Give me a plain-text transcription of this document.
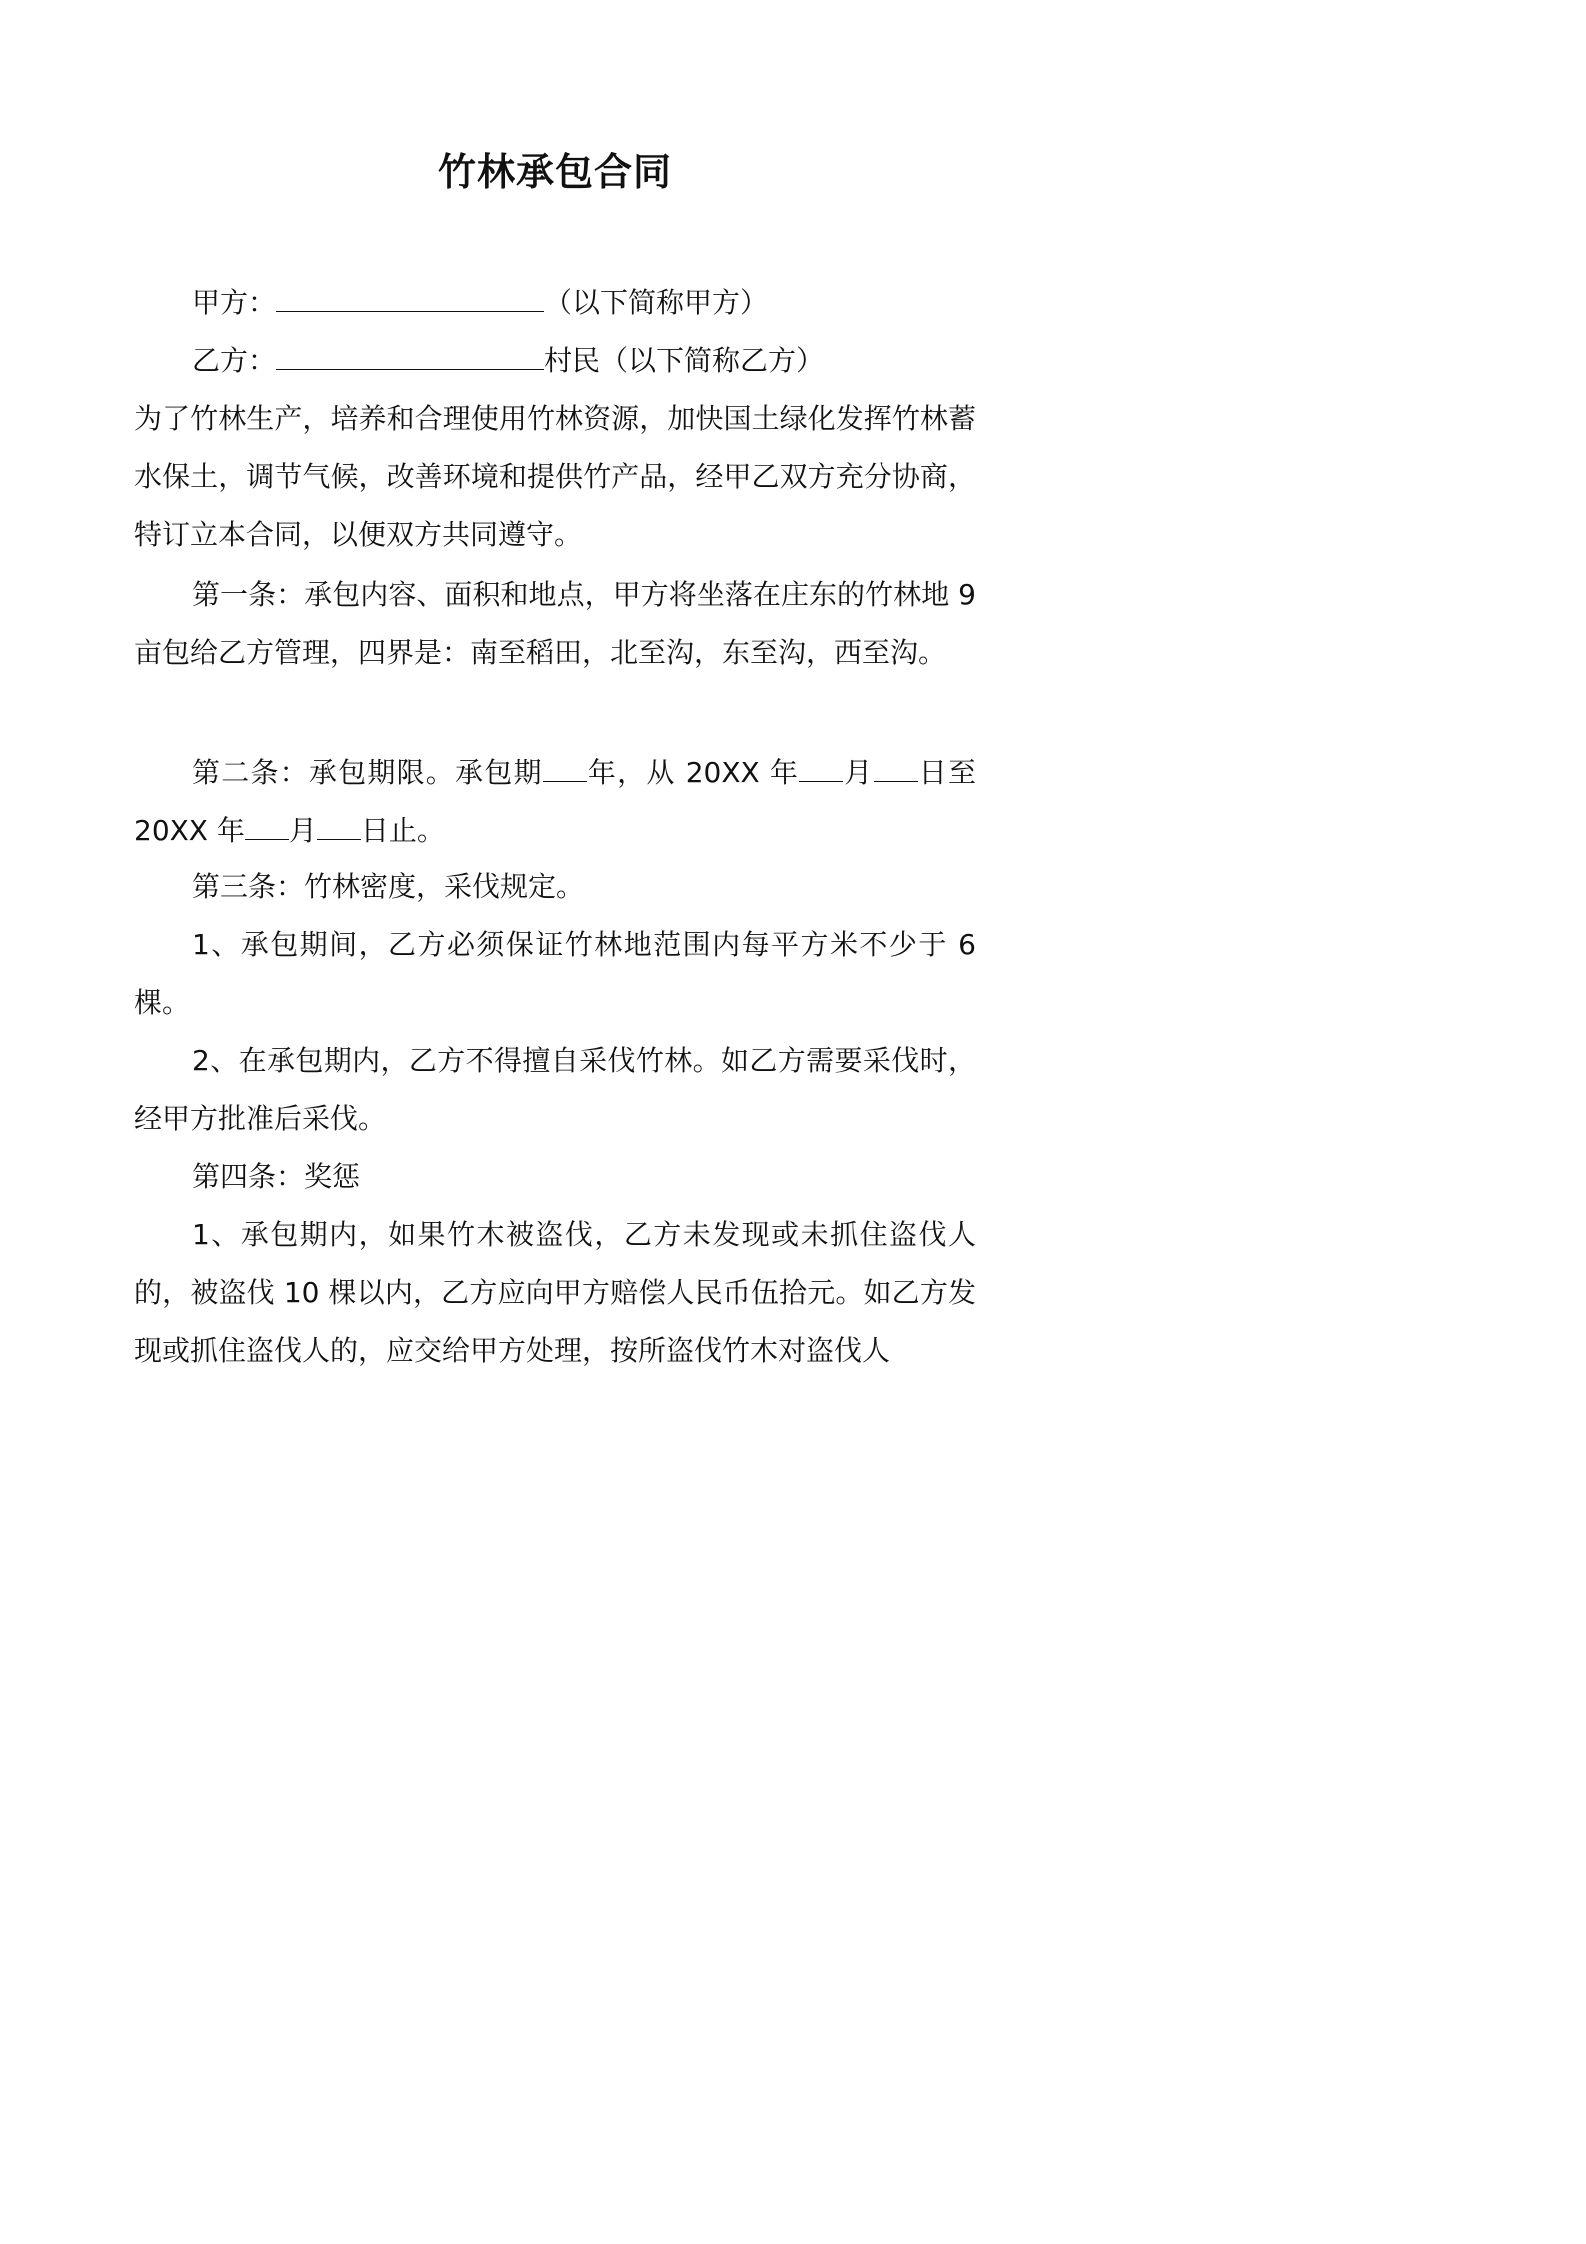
竹林承包合同
甲方：	（以下简称甲方）
乙方：	村民（以下简称乙方）

为了竹林生产，培养和合理使用竹林资源，加快国土绿化发挥竹林蓄水保土，调节气候，改善环境和提供竹产品，经甲乙双方充分协商，特订立本合同，以便双方共同遵守。

第一条：承包内容、面积和地点，甲方将坐落在庄东的竹林地 9 亩包给乙方管理，四界是：南至稻田，北至沟，东至沟，西至沟。

第二条：承包期限。承包期 年，从 20XX 年 月 日至 20XX 年 月 日止。

第三条：竹林密度，采伐规定。

1、承包期间，乙方必须保证竹林地范围内每平方米不少于 6 棵。

2、在承包期内，乙方不得擅自采伐竹林。如乙方需要采伐时，经甲方批准后采伐。

第四条：奖惩

1、承包期内，如果竹木被盗伐，乙方未发现或未抓住盗伐人的，被盗伐 10 棵以内，乙方应向甲方赔偿人民币伍拾元。如乙方发现或抓住盗伐人的，应交给甲方处理，按所盗伐竹木对盗伐人
